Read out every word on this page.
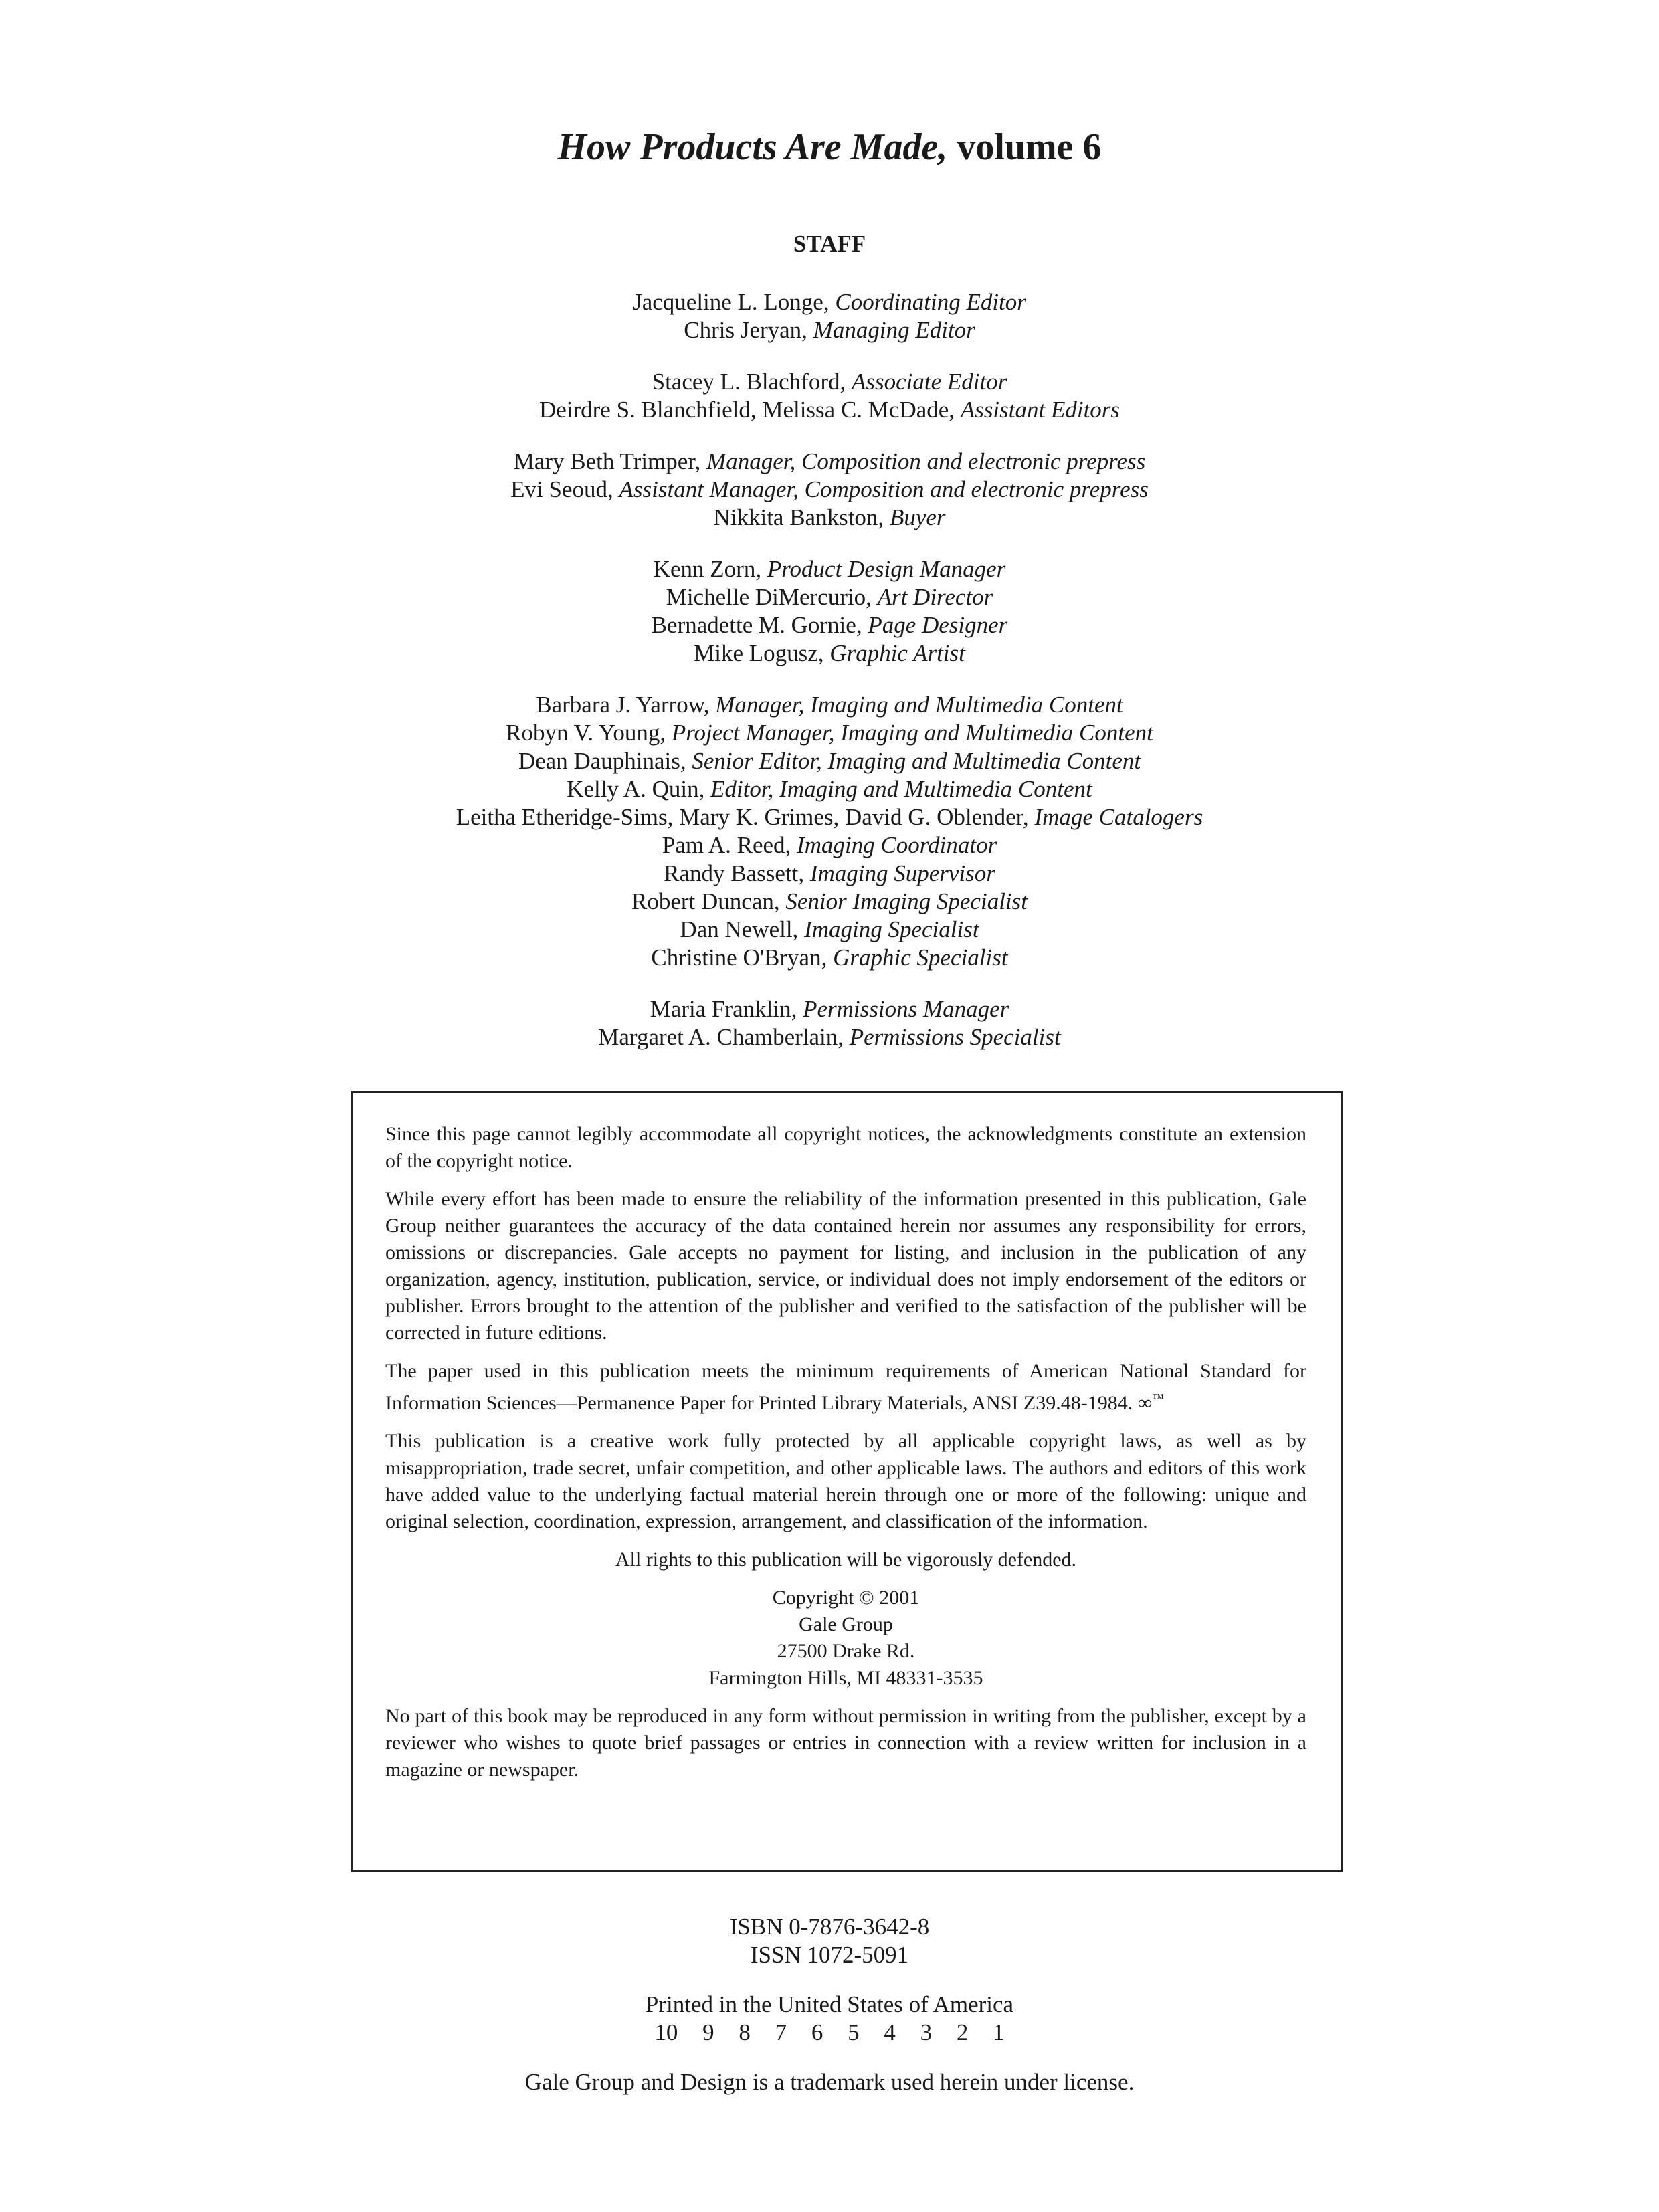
How Products Are Made, volume 6
STAFF
Jacqueline L. Longe, Coordinating Editor
Chris Jeryan, Managing Editor
Stacey L. Blachford, Associate Editor
Deirdre S. Blanchfield, Melissa C. McDade, Assistant Editors
Mary Beth Trimper, Manager, Composition and electronic prepress
Evi Seoud, Assistant Manager, Composition and electronic prepress
Nikkita Bankston, Buyer
Kenn Zorn, Product Design Manager
Michelle DiMercurio, Art Director
Bernadette M. Gornie, Page Designer
Mike Logusz, Graphic Artist
Barbara J. Yarrow, Manager, Imaging and Multimedia Content
Robyn V. Young, Project Manager, Imaging and Multimedia Content
Dean Dauphinais, Senior Editor, Imaging and Multimedia Content
Kelly A. Quin, Editor, Imaging and Multimedia Content
Leitha Etheridge-Sims, Mary K. Grimes, David G. Oblender, Image Catalogers
Pam A. Reed, Imaging Coordinator
Randy Bassett, Imaging Supervisor
Robert Duncan, Senior Imaging Specialist
Dan Newell, Imaging Specialist
Christine O'Bryan, Graphic Specialist
Maria Franklin, Permissions Manager
Margaret A. Chamberlain, Permissions Specialist

Since this page cannot legibly accommodate all copyright notices, the acknowledgments constitute an extension of the copyright notice.

While every effort has been made to ensure the reliability of the information presented in this publication, Gale Group neither guarantees the accuracy of the data contained herein nor assumes any responsibility for errors, omissions or discrepancies. Gale accepts no payment for listing, and inclusion in the publication of any organization, agency, institution, publication, service, or individual does not imply endorsement of the editors or publisher. Errors brought to the attention of the publisher and verified to the satisfaction of the publisher will be corrected in future editions.

The paper used in this publication meets the minimum requirements of American National Standard for Information Sciences—Permanence Paper for Printed Library Materials, ANSI Z39.48-1984. ∞™

This publication is a creative work fully protected by all applicable copyright laws, as well as by misappropriation, trade secret, unfair competition, and other applicable laws. The authors and editors of this work have added value to the underlying factual material herein through one or more of the following: unique and original selection, coordination, expression, arrangement, and classification of the information.

All rights to this publication will be vigorously defended.

Copyright © 2001
Gale Group
27500 Drake Rd.
Farmington Hills, MI 48331-3535

No part of this book may be reproduced in any form without permission in writing from the publisher, except by a reviewer who wishes to quote brief passages or entries in connection with a review written for inclusion in a magazine or newspaper.

ISBN 0-7876-3642-8
ISSN 1072-5091
Printed in the United States of America
10 9 8 7 6 5 4 3 2 1
Gale Group and Design is a trademark used herein under license.
